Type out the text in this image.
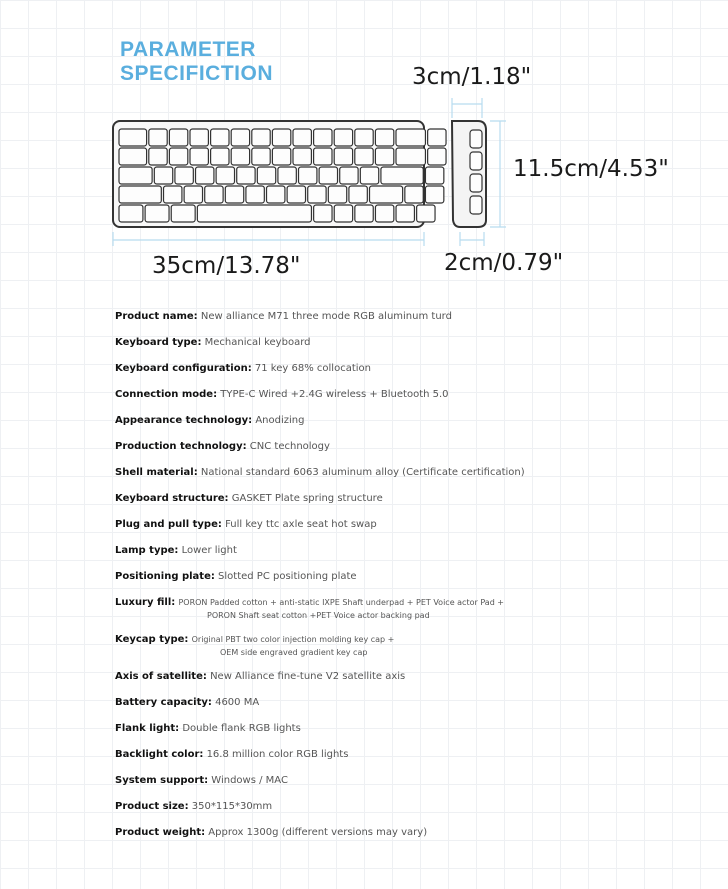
PARAMETER
SPECIFICTION	3cm/1.18"
11.5cm/4.53"
35cm/13.78"	2cm/0.79"
Product name: New alliance M71 three mode RGB aluminum turd
Keyboard type: Mechanical keyboard
Keyboard configuration: 71 key 68% collocation
Connection mode: TYPE-C Wired +2.4G wireless + Bluetooth 5.0
Appearance technology: Anodizing
Production technology: CNC technology
Shell material: National standard 6063 aluminum alloy (Certificate certification)
Keyboard structure: GASKET Plate spring structure
Plug and pull type: Full key ttc axle seat hot swap
Lamp type: Lower light
Positioning plate: Slotted PC positioning plate
Luxury fill: PORON Padded cotton + anti-static IXPE Shaft underpad + PET Voice actor Pad +
PORON Shaft seat cotton +PET Voice actor backing pad
Keycap type: Original PBT two color injection molding key cap +
OEM side engraved gradient key cap
Axis of satellite: New Alliance fine-tune V2 satellite axis
Battery capacity: 4600 MA
Flank light: Double flank RGB lights
Backlight color: 16.8 million color RGB lights
System support: Windows / MAC
Product size: 350*115*30mm
Product weight: Approx 1300g (different versions may vary)
